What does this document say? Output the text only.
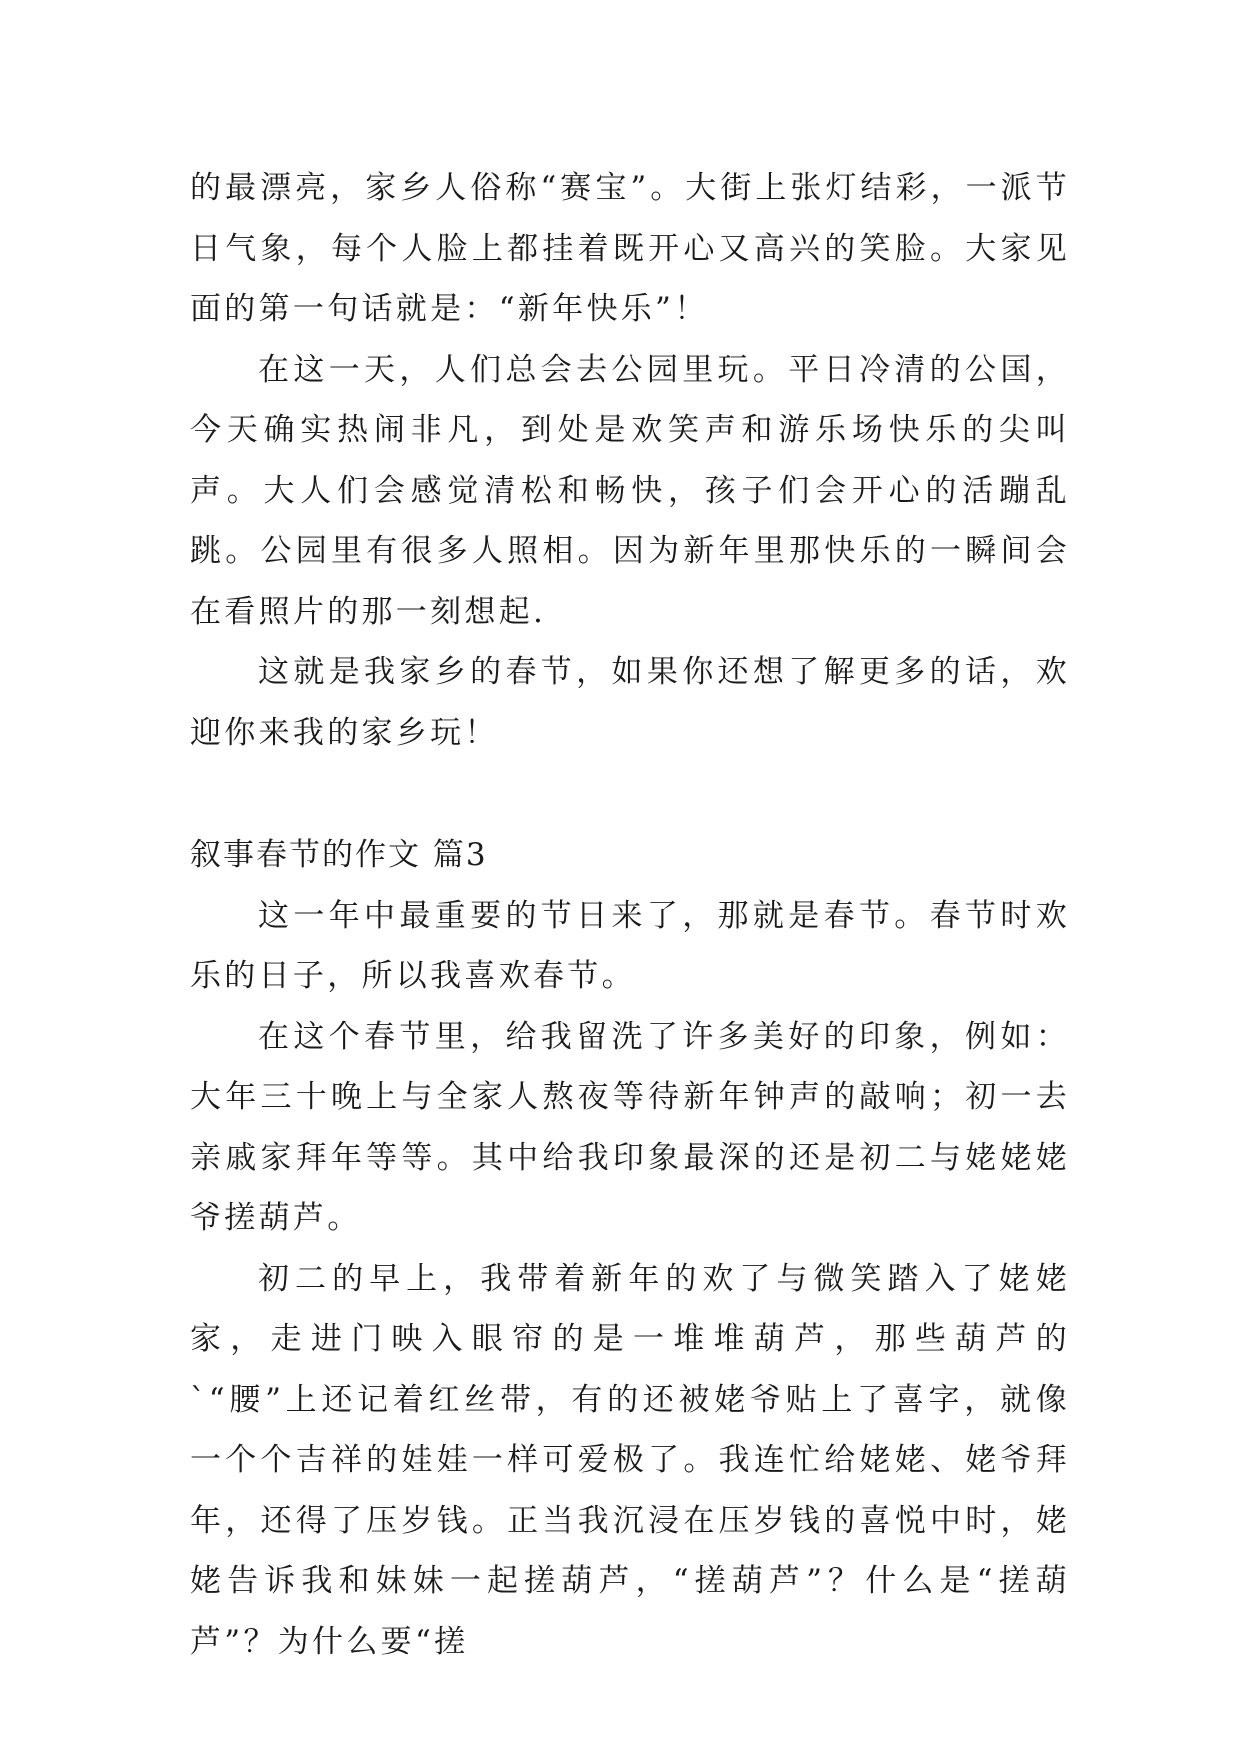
的最漂亮，家乡人俗称“赛宝”。大街上张灯结彩，一派节日气象，每个人脸上都挂着既开心又高兴的笑脸。大家见面的第一句话就是：“新年快乐”！

在这一天，人们总会去公园里玩。平日冷清的公国，今天确实热闹非凡，到处是欢笑声和游乐场快乐的尖叫声。大人们会感觉清松和畅快，孩子们会开心的活蹦乱跳。公园里有很多人照相。因为新年里那快乐的一瞬间会在看照片的那一刻想起.

这就是我家乡的春节，如果你还想了解更多的话，欢迎你来我的家乡玩！

叙事春节的作文 篇3

这一年中最重要的节日来了，那就是春节。春节时欢乐的日子，所以我喜欢春节。

在这个春节里，给我留洗了许多美好的印象，例如：大年三十晚上与全家人熬夜等待新年钟声的敲响；初一去亲戚家拜年等等。其中给我印象最深的还是初二与姥姥姥爷搓葫芦。

初二的早上，我带着新年的欢了与微笑踏入了姥姥家，走进门映入眼帘的是一堆堆葫芦，那些葫芦的`“腰”上还记着红丝带，有的还被姥爷贴上了喜字，就像一个个吉祥的娃娃一样可爱极了。我连忙给姥姥、姥爷拜年，还得了压岁钱。正当我沉浸在压岁钱的喜悦中时，姥姥告诉我和妹妹一起搓葫芦，“搓葫芦”？什么是“搓葫芦”？为什么要“搓
